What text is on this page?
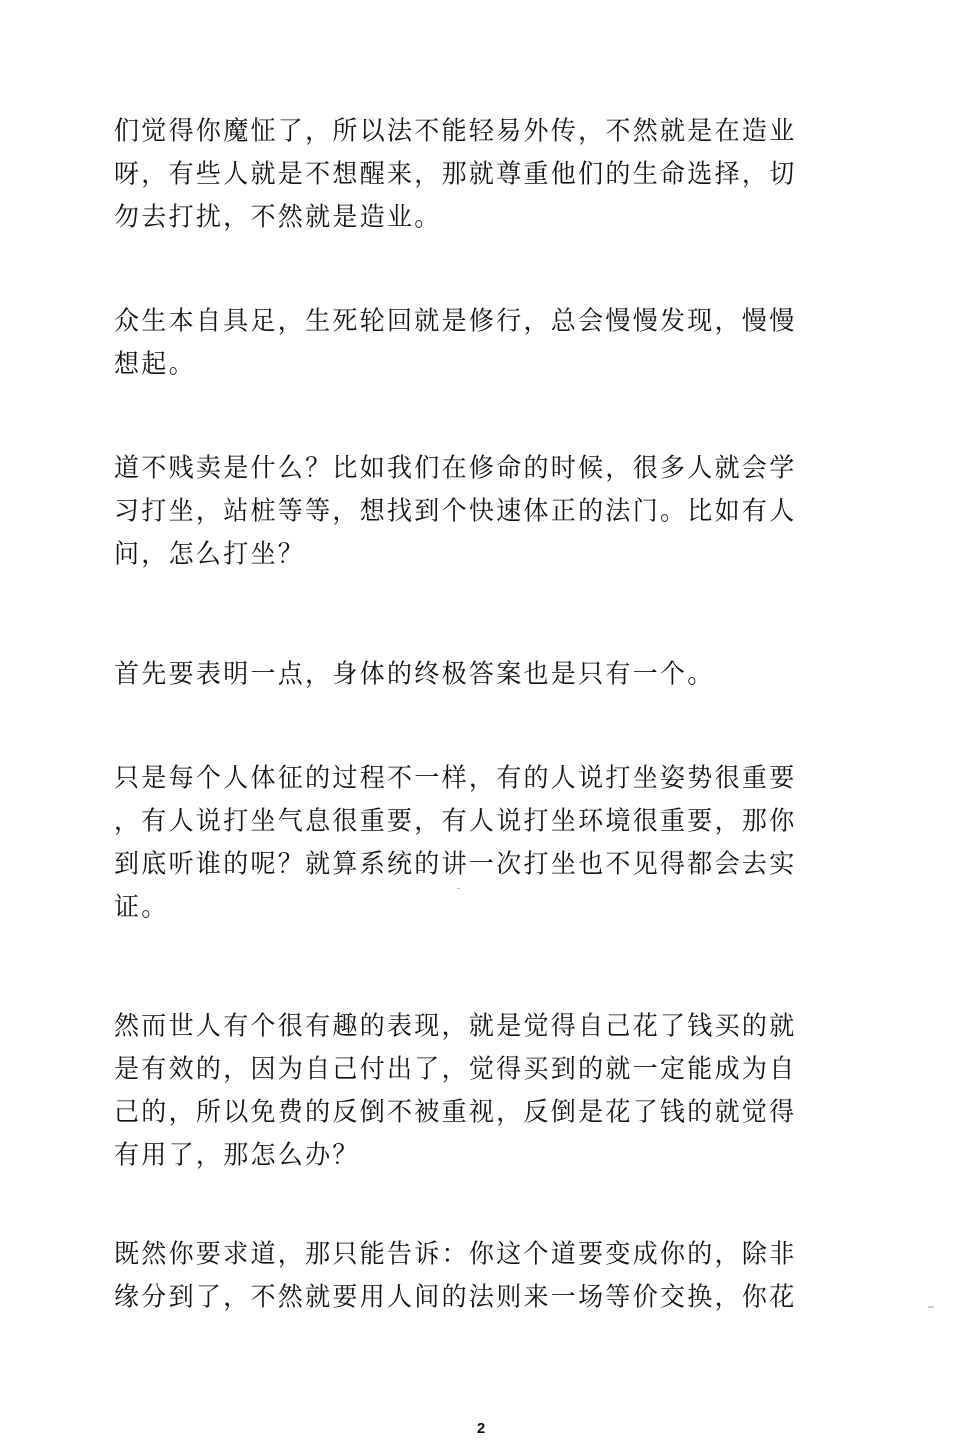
们觉得你魔怔了，所以法不能轻易外传，不然就是在造业
呀，有些人就是不想醒来，那就尊重他们的生命选择，切
勿去打扰，不然就是造业。
众生本自具足，生死轮回就是修行，总会慢慢发现，慢慢
想起。
道不贱卖是什么？比如我们在修命的时候，很多人就会学
习打坐，站桩等等，想找到个快速体正的法门。比如有人
问，怎么打坐？
首先要表明一点，身体的终极答案也是只有一个。
只是每个人体征的过程不一样，有的人说打坐姿势很重要
，有人说打坐气息很重要，有人说打坐环境很重要，那你
到底听谁的呢？就算系统的讲一次打坐也不见得都会去实
证。
然而世人有个很有趣的表现，就是觉得自己花了钱买的就
是有效的，因为自己付出了，觉得买到的就一定能成为自
己的，所以免费的反倒不被重视，反倒是花了钱的就觉得
有用了，那怎么办？
既然你要求道，那只能告诉：你这个道要变成你的，除非
缘分到了，不然就要用人间的法则来一场等价交换，你花
2
